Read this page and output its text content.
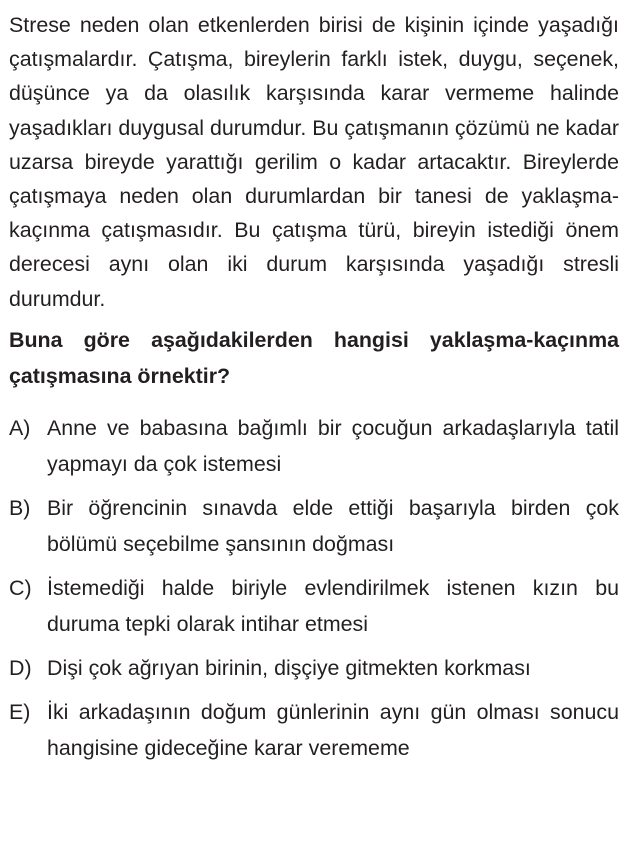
Strese neden olan etkenlerden birisi de kişinin içinde yaşadığı çatışmalardır. Çatışma, bireylerin farklı istek, duygu, seçenek, düşünce ya da olasılık karşısında karar vermeme halinde yaşadıkları duygusal durumdur. Bu çatışmanın çözümü ne kadar uzarsa bireyde yarattığı gerilim o kadar artacaktır. Bireylerde çatışmaya neden olan durumlardan bir tanesi de yaklaşma-kaçınma çatışmasıdır. Bu çatışma türü, bireyin istediği önem derecesi aynı olan iki durum karşısında yaşadığı stresli durumdur.

Buna göre aşağıdakilerden hangisi yaklaşma-kaçınma çatışmasına örnektir?

A) Anne ve babasına bağımlı bir çocuğun arkadaşlarıyla tatil yapmayı da çok istemesi
B) Bir öğrencinin sınavda elde ettiği başarıyla birden çok bölümü seçebilme şansının doğması
C) İstemediği halde biriyle evlendirilmek istenen kızın bu duruma tepki olarak intihar etmesi
D) Dişi çok ağrıyan birinin, dişçiye gitmekten korkması
E) İki arkadaşının doğum günlerinin aynı gün olması sonucu hangisine gideceğine karar verememe
